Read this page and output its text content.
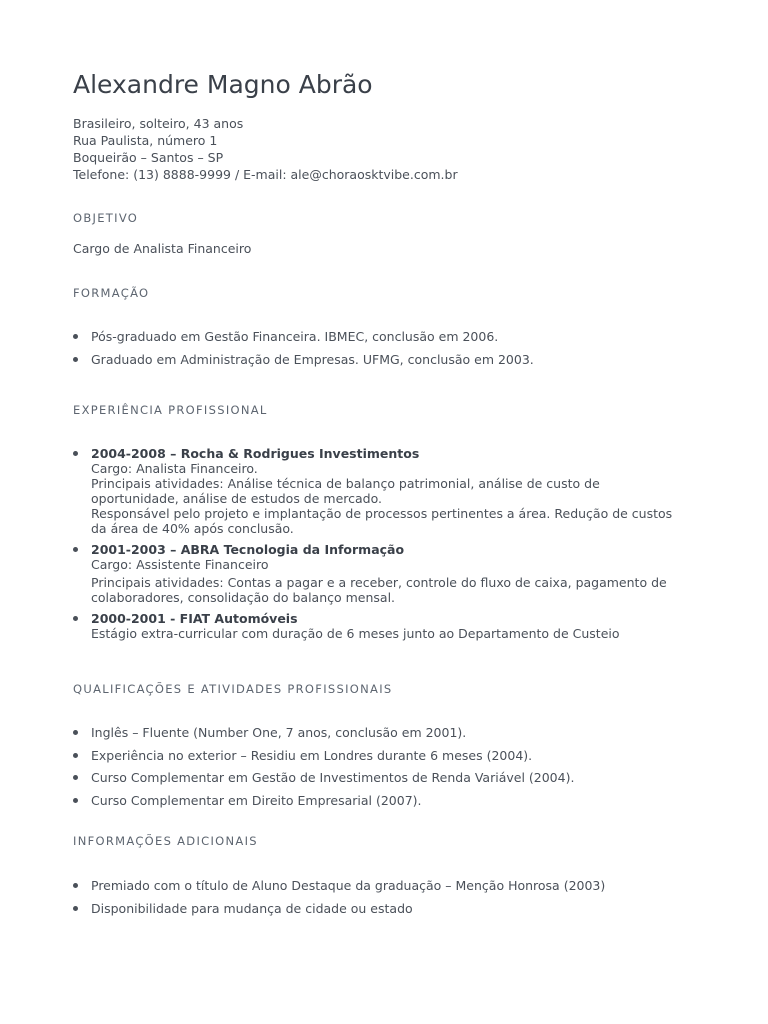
Alexandre Magno Abrão
Brasileiro, solteiro, 43 anos
Rua Paulista, número 1
Boqueirão – Santos – SP
Telefone: (13) 8888-9999 / E-mail: ale@choraosktvibe.com.br
OBJETIVO
Cargo de Analista Financeiro
FORMAÇÃO
Pós-graduado em Gestão Financeira. IBMEC, conclusão em 2006.
Graduado em Administração de Empresas. UFMG, conclusão em 2003.
EXPERIÊNCIA PROFISSIONAL
2004-2008 – Rocha & Rodrigues Investimentos
Cargo: Analista Financeiro.
Principais atividades: Análise técnica de balanço patrimonial, análise de custo de
oportunidade, análise de estudos de mercado.
Responsável pelo projeto e implantação de processos pertinentes a área. Redução de custos
da área de 40% após conclusão.
2001-2003 – ABRA Tecnologia da Informação
Cargo: Assistente Financeiro
Principais atividades: Contas a pagar e a receber, controle do fluxo de caixa, pagamento de
colaboradores, consolidação do balanço mensal.
2000-2001 - FIAT Automóveis
Estágio extra-curricular com duração de 6 meses junto ao Departamento de Custeio
QUALIFICAÇÕES E ATIVIDADES PROFISSIONAIS
Inglês – Fluente (Number One, 7 anos, conclusão em 2001).
Experiência no exterior – Residiu em Londres durante 6 meses (2004).
Curso Complementar em Gestão de Investimentos de Renda Variável (2004).
Curso Complementar em Direito Empresarial (2007).
INFORMAÇÕES ADICIONAIS
Premiado com o título de Aluno Destaque da graduação – Menção Honrosa (2003)
Disponibilidade para mudança de cidade ou estado
